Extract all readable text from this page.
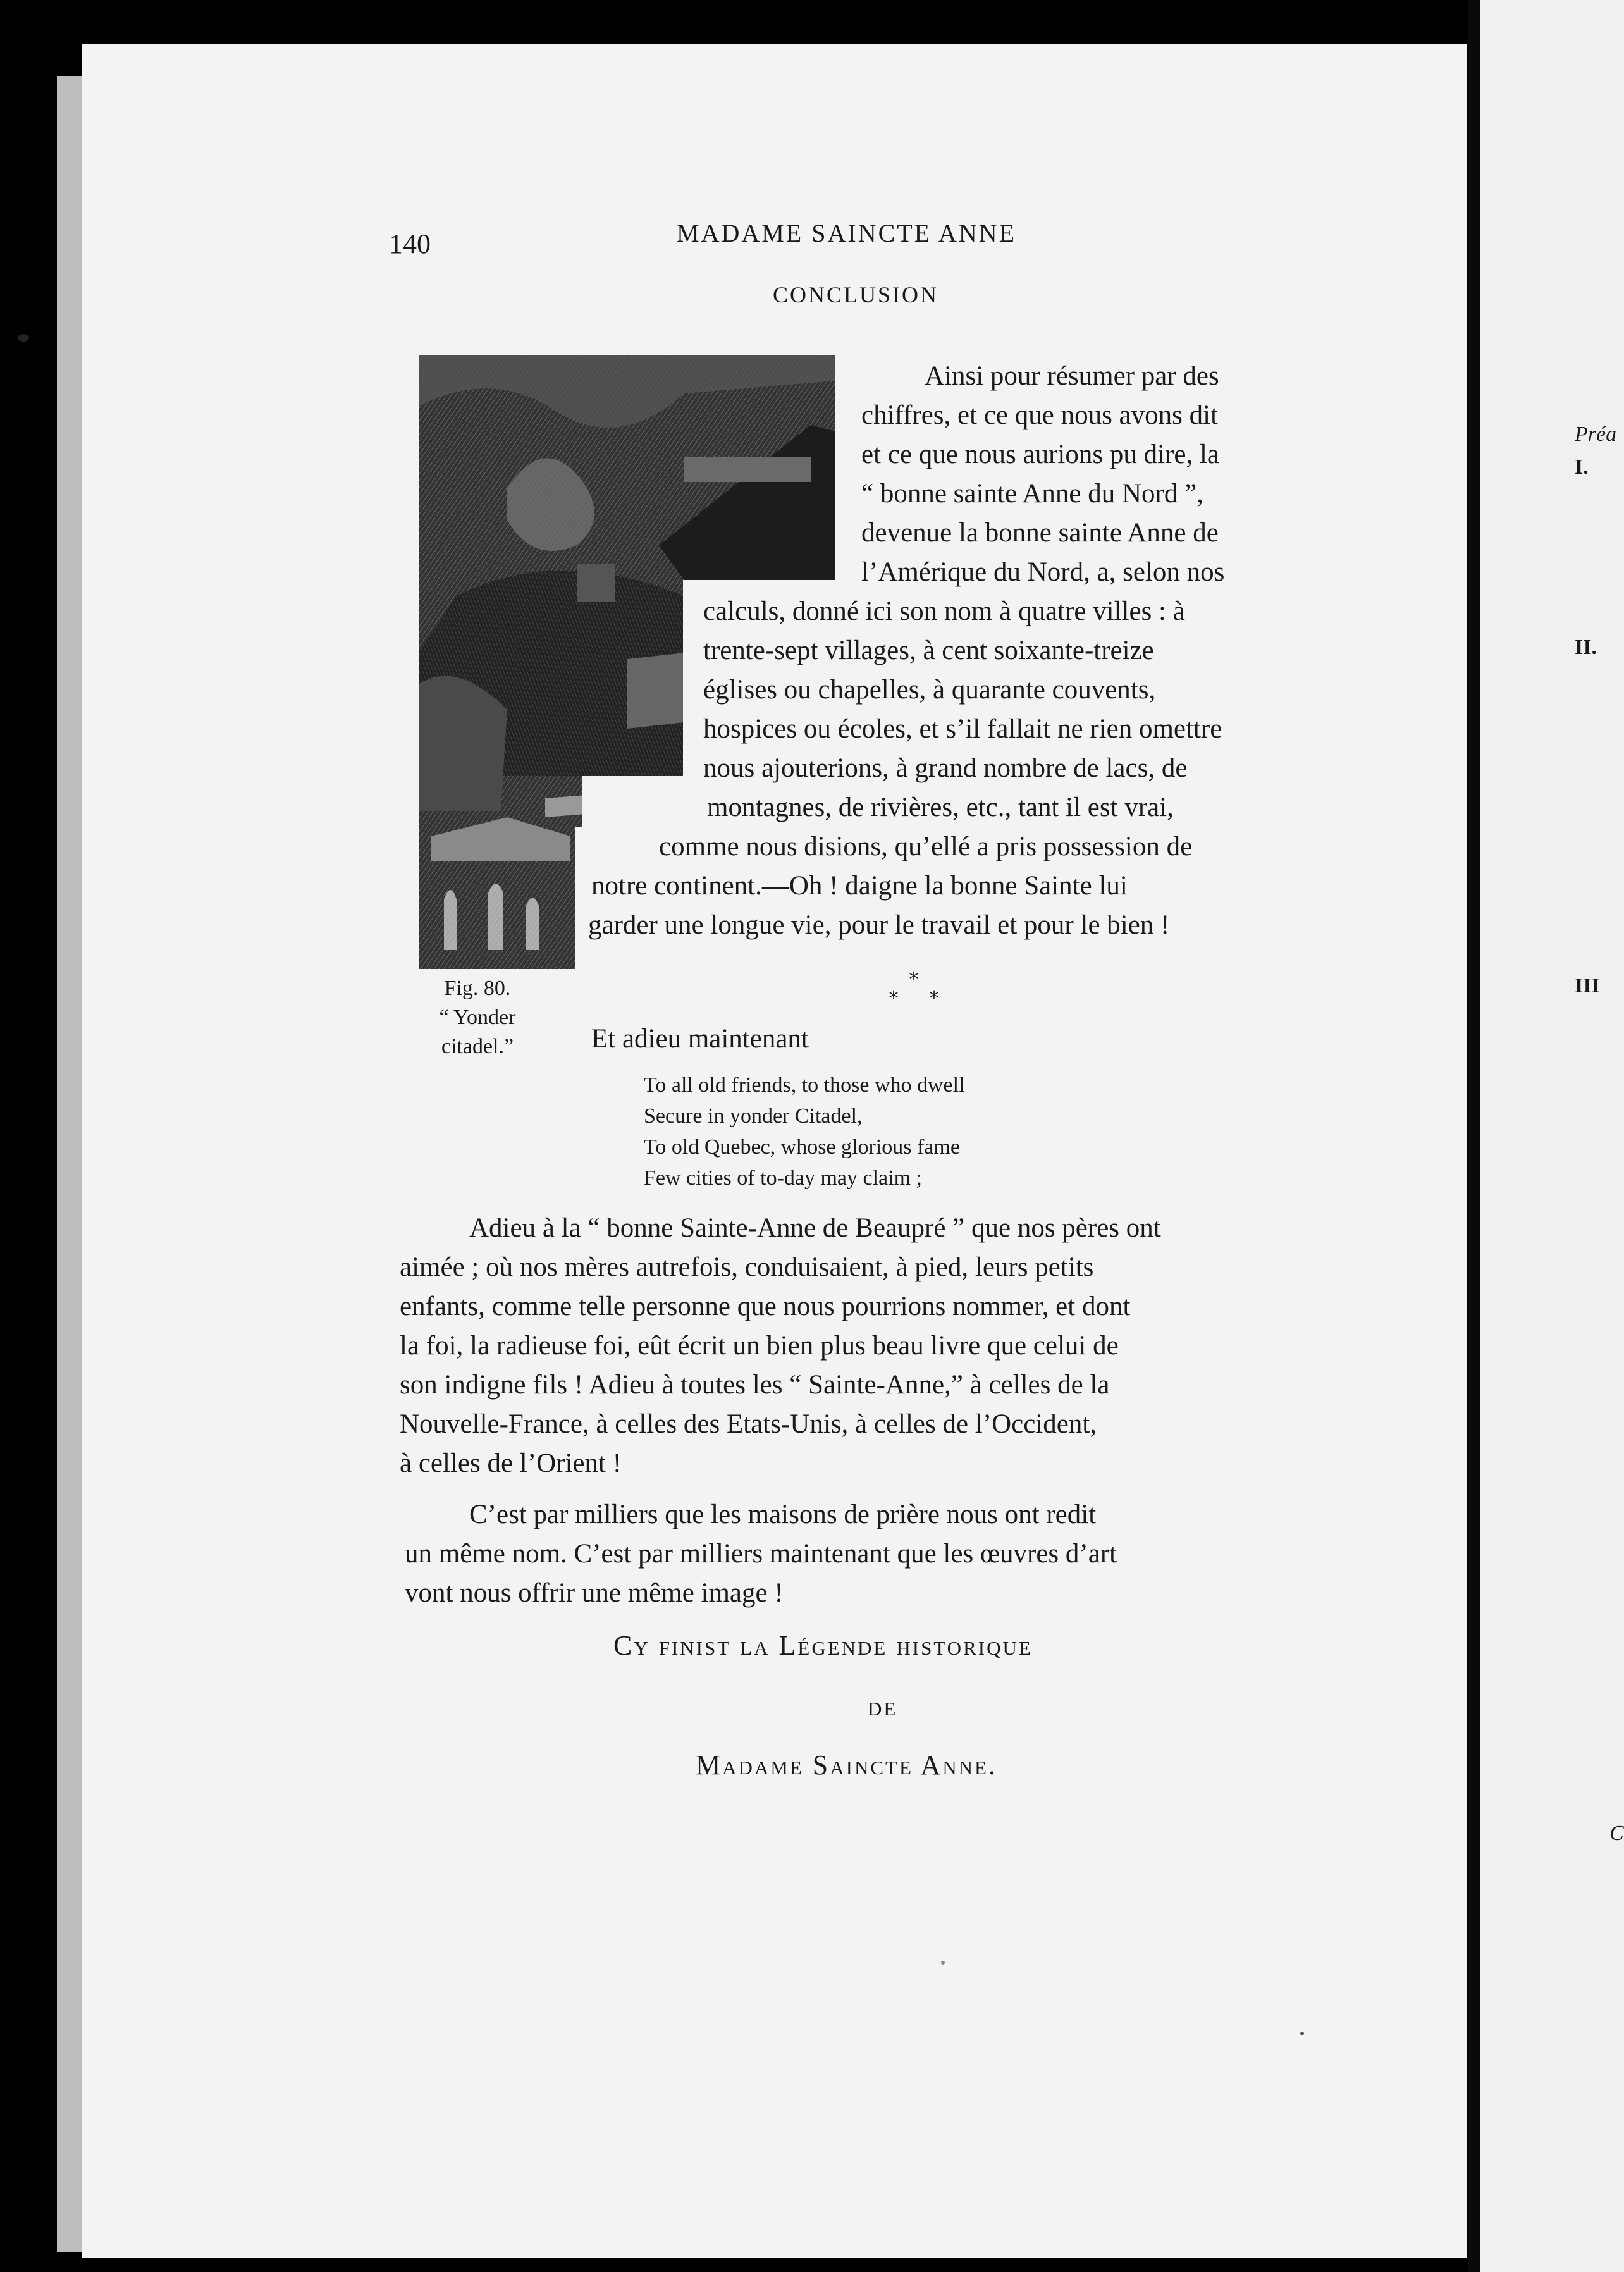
Préa
I.
II.
III
C
140	MADAME SAINCTE ANNE
CONCLUSION
Fig. 80.
“ Yonder
citadel.”
Ainsi pour résumer par des
chiffres, et ce que nous avons dit
et ce que nous aurions pu dire, la
“ bonne sainte Anne du Nord ”,
devenue la bonne sainte Anne de
l’Amérique du Nord, a, selon nos
calculs, donné ici son nom à quatre villes : à
trente-sept villages, à cent soixante-treize
églises ou chapelles, à quarante couvents,
hospices ou écoles, et s’il fallait ne rien omettre
nous ajouterions, à grand nombre de lacs, de
montagnes, de rivières, etc., tant il est vrai,
comme nous disions, qu’ellé a pris possession de
notre continent.—Oh ! daigne la bonne Sainte lui
garder une longue vie, pour le travail et pour le bien !
*
* *
Et adieu maintenant
To all old friends, to those who dwell
Secure in yonder Citadel,
To old Quebec, whose glorious fame
Few cities of to-day may claim ;
Adieu à la “ bonne Sainte-Anne de Beaupré ” que nos pères ont
aimée ; où nos mères autrefois, conduisaient, à pied, leurs petits
enfants, comme telle personne que nous pourrions nommer, et dont
la foi, la radieuse foi, eût écrit un bien plus beau livre que celui de
son indigne fils ! Adieu à toutes les “ Sainte-Anne,” à celles de la
Nouvelle-France, à celles des Etats-Unis, à celles de l’Occident,
à celles de l’Orient !
C’est par milliers que les maisons de prière nous ont redit
un même nom. C’est par milliers maintenant que les œuvres d’art
vont nous offrir une même image !
Cy finist la Légende historique
de
Madame Saincte Anne.
